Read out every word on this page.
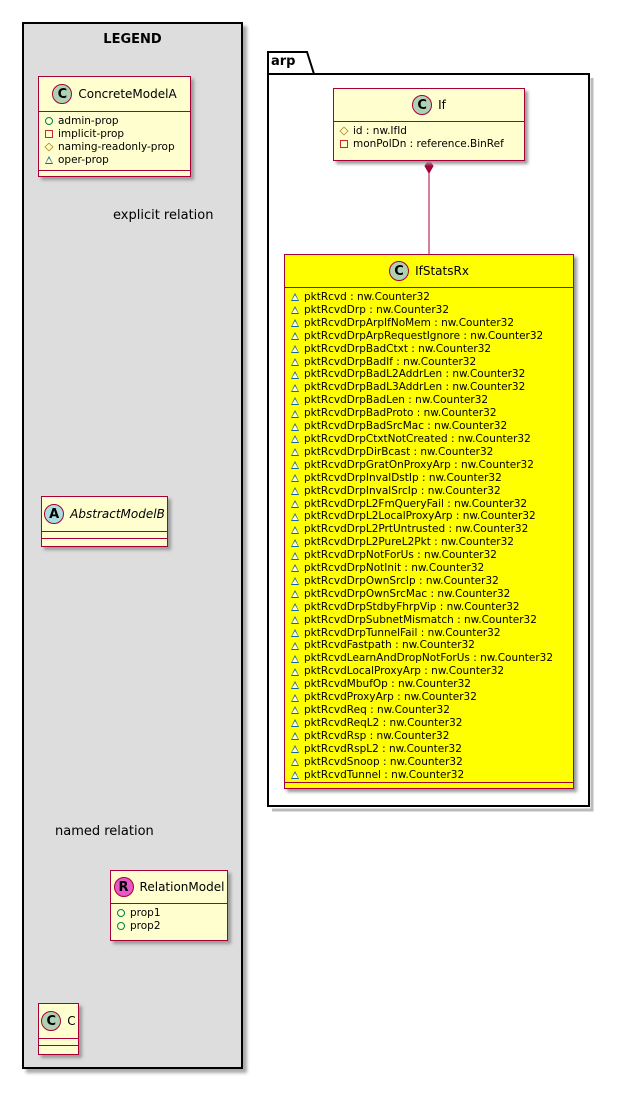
LEGEND
C ConcreteModelA
admin-prop
implicit-prop
naming-readonly-prop
oper-prop
explicit relation
A AbstractModelB
named relation
R RelationModel
prop1
prop2
C C
arp
C If
id : nw.IfId
monPolDn : reference.BinRef
C IfStatsRx
pktRcvd : nw.Counter32
pktRcvdDrp : nw.Counter32
pktRcvdDrpArpIfNoMem : nw.Counter32
pktRcvdDrpArpRequestIgnore : nw.Counter32
pktRcvdDrpBadCtxt : nw.Counter32
pktRcvdDrpBadIf : nw.Counter32
pktRcvdDrpBadL2AddrLen : nw.Counter32
pktRcvdDrpBadL3AddrLen : nw.Counter32
pktRcvdDrpBadLen : nw.Counter32
pktRcvdDrpBadProto : nw.Counter32
pktRcvdDrpBadSrcMac : nw.Counter32
pktRcvdDrpCtxtNotCreated : nw.Counter32
pktRcvdDrpDirBcast : nw.Counter32
pktRcvdDrpGratOnProxyArp : nw.Counter32
pktRcvdDrpInvalDstIp : nw.Counter32
pktRcvdDrpInvalSrcIp : nw.Counter32
pktRcvdDrpL2FmQueryFail : nw.Counter32
pktRcvdDrpL2LocalProxyArp : nw.Counter32
pktRcvdDrpL2PrtUntrusted : nw.Counter32
pktRcvdDrpL2PureL2Pkt : nw.Counter32
pktRcvdDrpNotForUs : nw.Counter32
pktRcvdDrpNotInit : nw.Counter32
pktRcvdDrpOwnSrcIp : nw.Counter32
pktRcvdDrpOwnSrcMac : nw.Counter32
pktRcvdDrpStdbyFhrpVip : nw.Counter32
pktRcvdDrpSubnetMismatch : nw.Counter32
pktRcvdDrpTunnelFail : nw.Counter32
pktRcvdFastpath : nw.Counter32
pktRcvdLearnAndDropNotForUs : nw.Counter32
pktRcvdLocalProxyArp : nw.Counter32
pktRcvdMbufOp : nw.Counter32
pktRcvdProxyArp : nw.Counter32
pktRcvdReq : nw.Counter32
pktRcvdReqL2 : nw.Counter32
pktRcvdRsp : nw.Counter32
pktRcvdRspL2 : nw.Counter32
pktRcvdSnoop : nw.Counter32
pktRcvdTunnel : nw.Counter32
